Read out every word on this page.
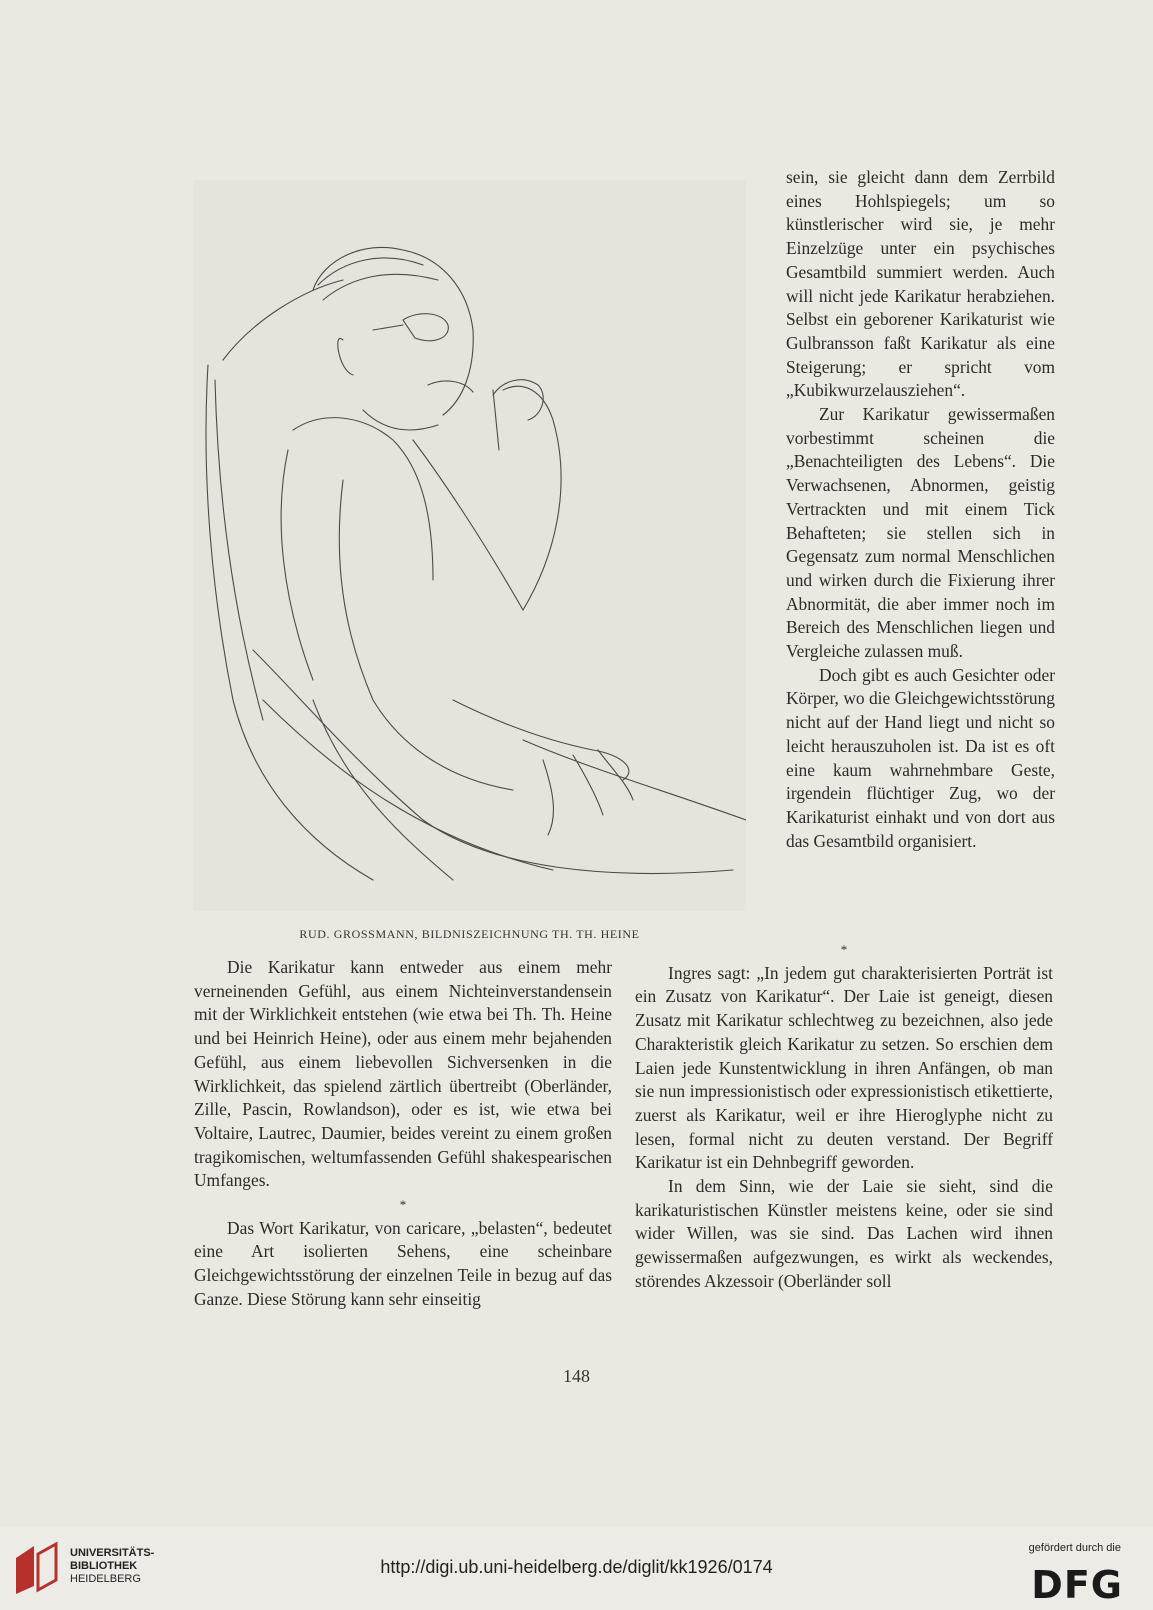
RUD. GROSSMANN, BILDNISZEICHNUNG TH. TH. HEINE

sein, sie gleicht dann dem Zerrbild eines Hohlspiegels; um so künstlerischer wird sie, je mehr Einzelzüge unter ein psychisches Gesamtbild summiert werden. Auch will nicht jede Karikatur herabziehen. Selbst ein geborener Karikaturist wie Gulbransson faßt Karikatur als eine Steigerung; er spricht vom „Kubikwurzelausziehen“.

Zur Karikatur gewissermaßen vorbestimmt scheinen die „Benachteiligten des Lebens“. Die Verwachsenen, Abnormen, geistig Vertrackten und mit einem Tick Behafteten; sie stellen sich in Gegensatz zum normal Menschlichen und wirken durch die Fixierung ihrer Abnormität, die aber immer noch im Bereich des Menschlichen liegen und Vergleiche zulassen muß.

Doch gibt es auch Gesichter oder Körper, wo die Gleichgewichtsstörung nicht auf der Hand liegt und nicht so leicht herauszuholen ist. Da ist es oft eine kaum wahrnehmbare Geste, irgendein flüchtiger Zug, wo der Karikaturist einhakt und von dort aus das Gesamtbild organisiert.

Die Karikatur kann entweder aus einem mehr verneinenden Gefühl, aus einem Nichteinverstandensein mit der Wirklichkeit entstehen (wie etwa bei Th. Th. Heine und bei Heinrich Heine), oder aus einem mehr bejahenden Gefühl, aus einem liebevollen Sichversenken in die Wirklichkeit, das spielend zärtlich übertreibt (Oberländer, Zille, Pascin, Rowlandson), oder es ist, wie etwa bei Voltaire, Lautrec, Daumier, beides vereint zu einem großen tragikomischen, weltumfassenden Gefühl shakespearischen Umfanges.

*

Das Wort Karikatur, von caricare, „belasten“, bedeutet eine Art isolierten Sehens, eine scheinbare Gleichgewichtsstörung der einzelnen Teile in bezug auf das Ganze. Diese Störung kann sehr einseitig

*

Ingres sagt: „In jedem gut charakterisierten Porträt ist ein Zusatz von Karikatur“. Der Laie ist geneigt, diesen Zusatz mit Karikatur schlechtweg zu bezeichnen, also jede Charakteristik gleich Karikatur zu setzen. So erschien dem Laien jede Kunstentwicklung in ihren Anfängen, ob man sie nun impressionistisch oder expressionistisch etikettierte, zuerst als Karikatur, weil er ihre Hieroglyphe nicht zu lesen, formal nicht zu deuten verstand. Der Begriff Karikatur ist ein Dehnbegriff geworden.

In dem Sinn, wie der Laie sie sieht, sind die karikaturistischen Künstler meistens keine, oder sie sind wider Willen, was sie sind. Das Lachen wird ihnen gewissermaßen aufgezwungen, es wirkt als weckendes, störendes Akzessoir (Oberländer soll

148
UNIVERSITÄTS-
BIBLIOTHEK
HEIDELBERG
http://digi.ub.uni-heidelberg.de/diglit/kk1926/0174
gefördert durch die
DFG
